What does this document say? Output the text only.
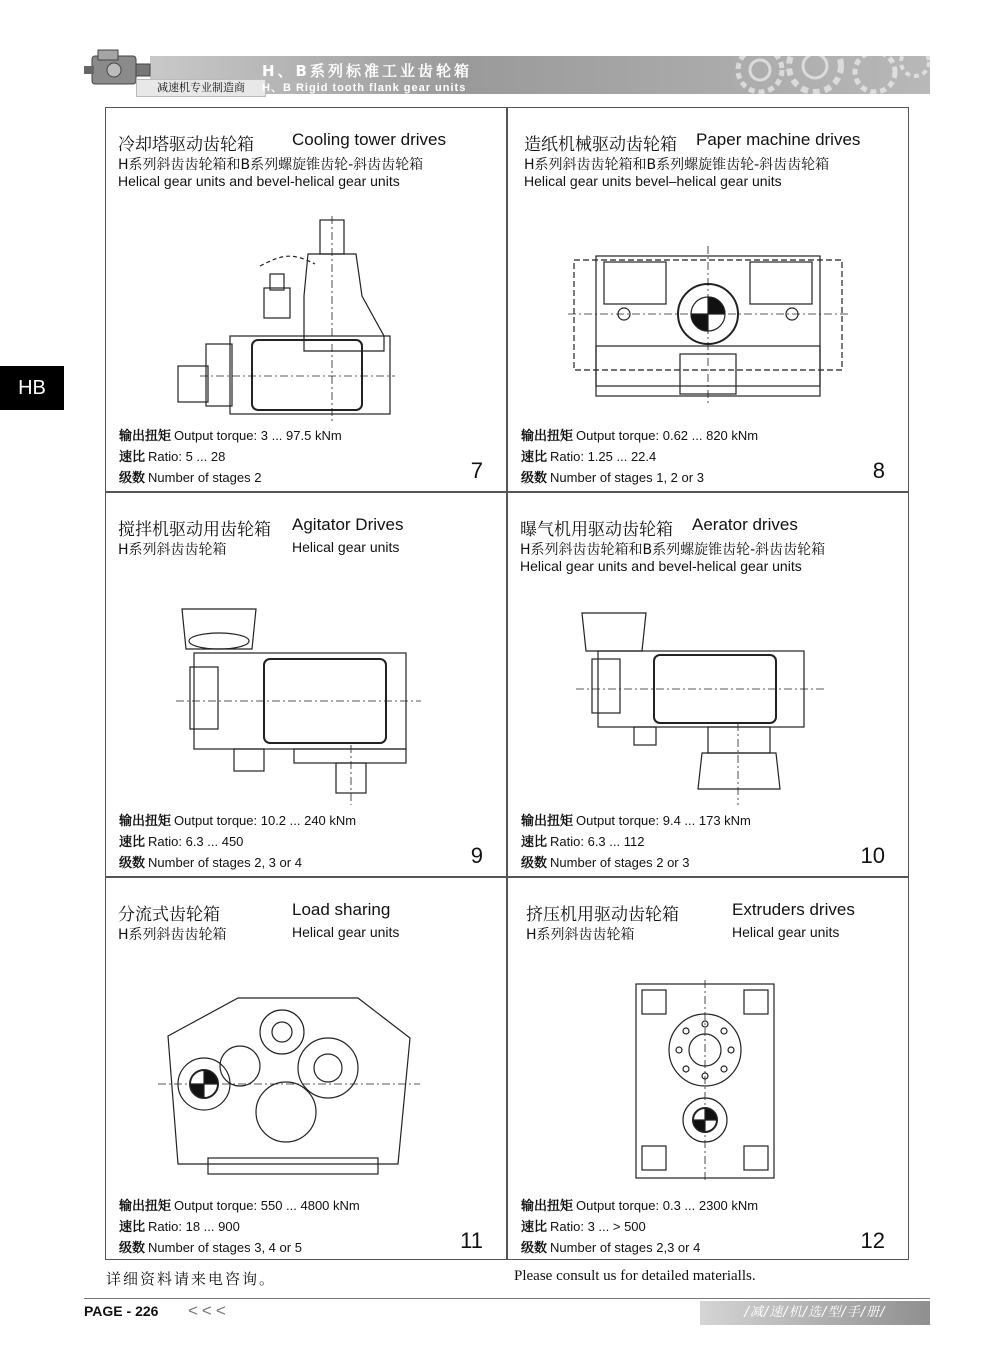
减速机专业制造商
H、B系列标准工业齿轮箱
H、B Rigid tooth flank gear units
HB
冷却塔驱动齿轮箱 Cooling tower drives
H系列斜齿齿轮箱和B系列螺旋锥齿轮-斜齿齿轮箱
Helical gear units and bevel-helical gear units
输出扭矩 Output torque: 3 ... 97.5 kNm
速比 Ratio: 5 ... 28
级数 Number of stages 2	7
造纸机械驱动齿轮箱 Paper machine drives
H系列斜齿齿轮箱和B系列螺旋锥齿轮-斜齿齿轮箱
Helical gear units bevel–helical gear units
输出扭矩 Output torque: 0.62 ... 820 kNm
速比 Ratio: 1.25 ... 22.4
级数 Number of stages 1, 2 or 3	8
搅拌机驱动用齿轮箱 Agitator Drives
H系列斜齿齿轮箱	Helical gear units
输出扭矩 Output torque: 10.2 ... 240 kNm
速比 Ratio: 6.3 ... 450
级数 Number of stages 2, 3 or 4	9
曝气机用驱动齿轮箱 Aerator drives
H系列斜齿齿轮箱和B系列螺旋锥齿轮-斜齿齿轮箱
Helical gear units and bevel-helical gear units
输出扭矩 Output torque: 9.4 ... 173 kNm
速比 Ratio: 6.3 ... 112
级数 Number of stages 2 or 3	10
分流式齿轮箱	Load sharing
H系列斜齿齿轮箱	Helical gear units
输出扭矩 Output torque: 550 ... 4800 kNm
速比 Ratio: 18 ... 900
级数 Number of stages 3, 4 or 5	11
挤压机用驱动齿轮箱	Extruders drives
H系列斜齿齿轮箱	Helical gear units
输出扭矩 Output torque: 0.3 ... 2300 kNm
速比 Ratio: 3 ... > 500
级数 Number of stages 2,3 or 4	12
详细资料请来电咨询。	Please consult us for detailed materialls.
PAGE - 226 <<<	/减/速/机/选/型/手/册/
